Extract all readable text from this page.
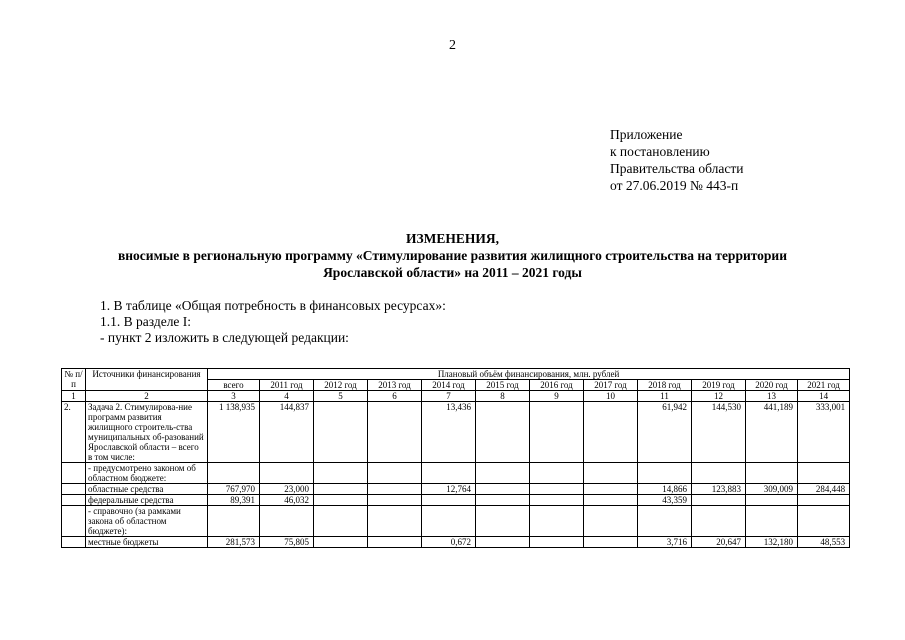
2
Приложение
к постановлению
Правительства области
от 27.06.2019 № 443-п
ИЗМЕНЕНИЯ,
вносимые в региональную программу «Стимулирование развития жилищного строительства на территории
Ярославской области» на 2011 – 2021 годы
1. В таблице «Общая потребность в финансовых ресурсах»:
1.1. В разделе I:
- пункт 2 изложить в следующей редакции:
№ п/п	Источники финансирования	Плановый объём финансирования, млн. рублей											
		всего	2011 год	2012 год	2013 год	2014 год	2015 год	2016 год	2017 год	2018 год	2019 год	2020 год	2021 год
1	2	3	4	5	6	7	8	9	10	11	12	13	14
2.	Задача 2. Стимулирова-ние программ развития жилищного строитель-ства муниципальных об-разований Ярославской области – всего в том числе:	1 138,935	144,837			13,436				61,942	144,530	441,189	333,001
	- предусмотрено законом об областном бюджете:												
	областные средства	767,970	23,000			12,764				14,866	123,883	309,009	284,448
	федеральные средства	89,391	46,032							43,359			
	- справочно (за рамками закона об областном бюджете):												
	местные бюджеты	281,573	75,805			0,672				3,716	20,647	132,180	48,553
